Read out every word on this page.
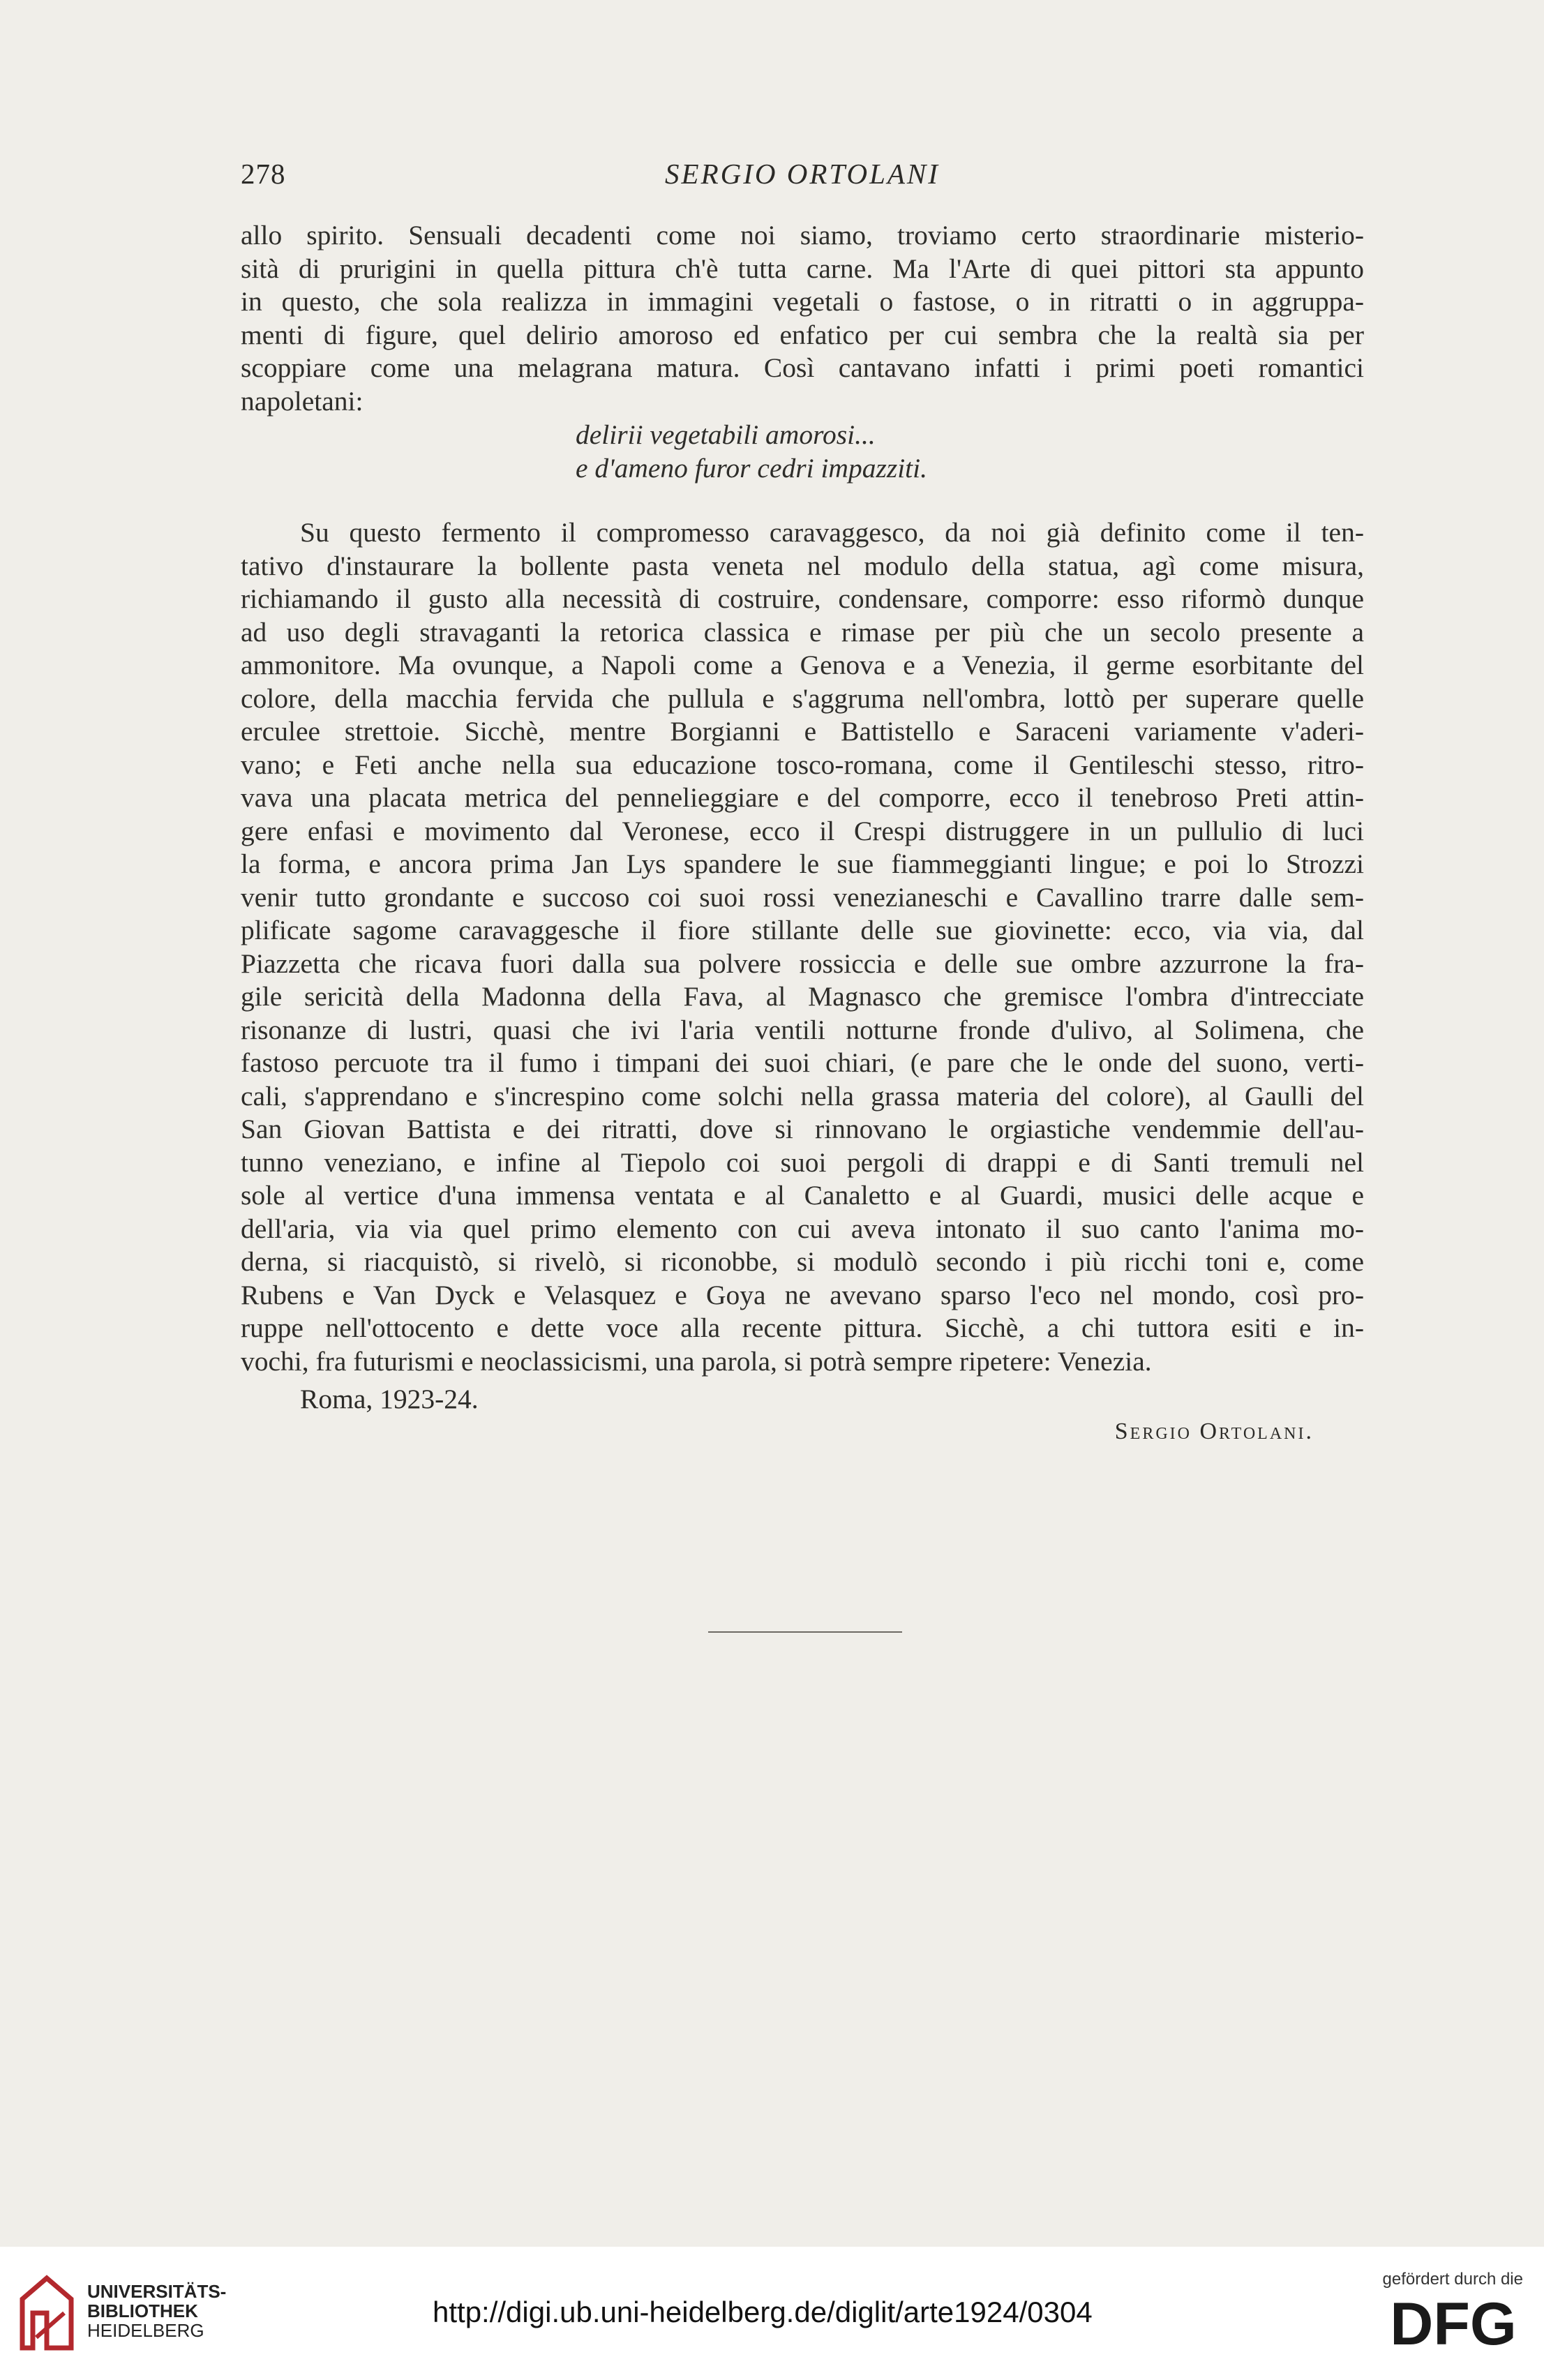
278	SERGIO ORTOLANI
allo spirito. Sensuali decadenti come noi siamo, troviamo certo straordinarie misterio-
sità di prurigini in quella pittura ch'è tutta carne. Ma l'Arte di quei pittori sta appunto
in questo, che sola realizza in immagini vegetali o fastose, o in ritratti o in aggruppa-
menti di figure, quel delirio amoroso ed enfatico per cui sembra che la realtà sia per
scoppiare come una melagrana matura. Così cantavano infatti i primi poeti romantici
napoletani:
delirii vegetabili amorosi...
e d'ameno furor cedri impazziti.
Su questo fermento il compromesso caravaggesco, da noi già definito come il ten-
tativo d'instaurare la bollente pasta veneta nel modulo della statua, agì come misura,
richiamando il gusto alla necessità di costruire, condensare, comporre: esso riformò dunque
ad uso degli stravaganti la retorica classica e rimase per più che un secolo presente a
ammonitore. Ma ovunque, a Napoli come a Genova e a Venezia, il germe esorbitante del
colore, della macchia fervida che pullula e s'aggruma nell'ombra, lottò per superare quelle
erculee strettoie. Sicchè, mentre Borgianni e Battistello e Saraceni variamente v'aderi-
vano; e Feti anche nella sua educazione tosco-romana, come il Gentileschi stesso, ritro-
vava una placata metrica del pennelieggiare e del comporre, ecco il tenebroso Preti attin-
gere enfasi e movimento dal Veronese, ecco il Crespi distruggere in un pullulio di luci
la forma, e ancora prima Jan Lys spandere le sue fiammeggianti lingue; e poi lo Strozzi
venir tutto grondante e succoso coi suoi rossi venezianeschi e Cavallino trarre dalle sem-
plificate sagome caravaggesche il fiore stillante delle sue giovinette: ecco, via via, dal
Piazzetta che ricava fuori dalla sua polvere rossiccia e delle sue ombre azzurrone la fra-
gile sericità della Madonna della Fava, al Magnasco che gremisce l'ombra d'intrecciate
risonanze di lustri, quasi che ivi l'aria ventili notturne fronde d'ulivo, al Solimena, che
fastoso percuote tra il fumo i timpani dei suoi chiari, (e pare che le onde del suono, verti-
cali, s'apprendano e s'increspino come solchi nella grassa materia del colore), al Gaulli del
San Giovan Battista e dei ritratti, dove si rinnovano le orgiastiche vendemmie dell'au-
tunno veneziano, e infine al Tiepolo coi suoi pergoli di drappi e di Santi tremuli nel
sole al vertice d'una immensa ventata e al Canaletto e al Guardi, musici delle acque e
dell'aria, via via quel primo elemento con cui aveva intonato il suo canto l'anima mo-
derna, si riacquistò, si rivelò, si riconobbe, si modulò secondo i più ricchi toni e, come
Rubens e Van Dyck e Velasquez e Goya ne avevano sparso l'eco nel mondo, così pro-
ruppe nell'ottocento e dette voce alla recente pittura. Sicchè, a chi tuttora esiti e in-
vochi, fra futurismi e neoclassicismi, una parola, si potrà sempre ripetere: Venezia.
Roma, 1923-24.
Sergio Ortolani.
UNIVERSITÄTS-
BIBLIOTHEK
HEIDELBERG
http://digi.ub.uni-heidelberg.de/diglit/arte1924/0304
gefördert durch die
DFG
